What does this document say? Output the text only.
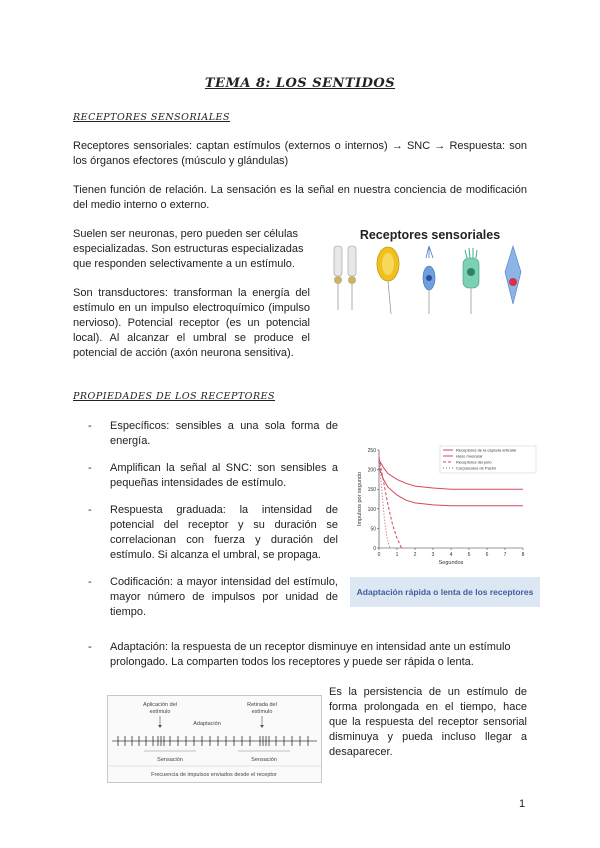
TEMA 8: LOS SENTIDOS
RECEPTORES SENSORIALES
Receptores sensoriales: captan estímulos (externos o internos) → SNC → Respuesta: son los órganos efectores (músculo y glándulas)
Tienen función de relación. La sensación es la señal en nuestra conciencia de modificación del medio interno o externo.
Suelen ser neuronas, pero pueden ser células especializadas. Son estructuras especializadas que responden selectivamente a un estímulo.
Son transductores: transforman la energía del estímulo en un impulso electroquímico (impulso nervioso). Potencial receptor (es un potencial local). Al alcanzar el umbral se produce el potencial de acción (axón neurona sensitiva).
Receptores sensoriales
PROPIEDADES DE LOS RECEPTORES
- Específicos: sensibles a una sola forma de energía.
- Amplifican la señal al SNC: son sensibles a pequeñas intensidades de estímulo.
- Respuesta graduada: la intensidad de potencial del receptor y su duración se correlacionan con fuerza y duración del estímulo. Si alcanza el umbral, se propaga.
- Codificación: a mayor intensidad del estímulo, mayor número de impulsos por unidad de tiempo.
- Adaptación: la respuesta de un receptor disminuye en intensidad ante un estímulo prolongado. La comparten todos los receptores y puede ser rápida o lenta.
0
50
100
150
200
250
0	1	2	3	4	5	6	7	8
Segundos
Impulsos por segundo
Receptores de la cápsula articular
Huso muscular
Receptores del pelo
Corpúsculos de Pacini
Adaptación rápida o lenta de los receptores
Aplicación del
estímulo
Retirada del
estímulo
Adaptación
Sensación	Sensación
Frecuencia de impulsos enviados desde el receptor
Es la persistencia de un estímulo de forma prolongada en el tiempo, hace que la respuesta del receptor sensorial disminuya y pueda incluso llegar a desaparecer.
1
